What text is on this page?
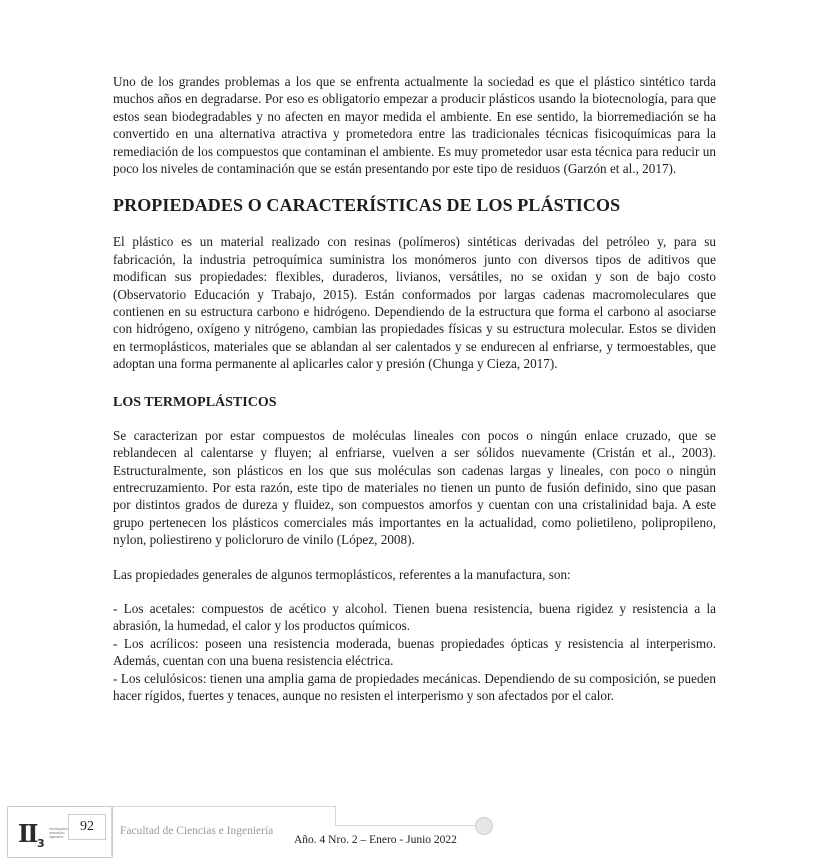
Uno de los grandes problemas a los que se enfrenta actualmente la sociedad es que el plástico sintético tarda muchos años en degradarse. Por eso es obligatorio empezar a producir plásticos usando la biotecnología, para que estos sean biodegradables y no afecten en mayor medida el ambiente. En ese sentido, la biorremediación se ha convertido en una alternativa atractiva y prometedora entre las tradicionales técnicas fisicoquímicas para la remediación de los compuestos que contaminan el ambiente. Es muy prometedor usar esta técnica para reducir un poco los niveles de contaminación que se están presentando por este tipo de residuos (Garzón et al., 2017).

PROPIEDADES O CARACTERÍSTICAS DE LOS PLÁSTICOS

El plástico es un material realizado con resinas (polímeros) sintéticas derivadas del petróleo y, para su fabricación, la industria petroquímica suministra los monómeros junto con diversos tipos de aditivos que modifican sus propiedades: flexibles, duraderos, livianos, versátiles, no se oxidan y son de bajo costo (Observatorio Educación y Trabajo, 2015). Están conformados por largas cadenas macromoleculares que contienen en su estructura carbono e hidrógeno. Dependiendo de la estructura que forma el carbono al asociarse con hidrógeno, oxígeno y nitrógeno, cambian las propiedades físicas y su estructura molecular. Estos se dividen en termoplásticos, materiales que se ablandan al ser calentados y se endurecen al enfriarse, y termoestables, que adoptan una forma permanente al aplicarles calor y presión (Chunga y Cieza, 2017).

LOS TERMOPLÁSTICOS

Se caracterizan por estar compuestos de moléculas lineales con pocos o ningún enlace cruzado, que se reblandecen al calentarse y fluyen; al enfriarse, vuelven a ser sólidos nuevamente (Cristán et al., 2003). Estructuralmente, son plásticos en los que sus moléculas son cadenas largas y lineales, con poco o ningún entrecruzamiento. Por esta razón, este tipo de materiales no tienen un punto de fusión definido, sino que pasan por distintos grados de dureza y fluidez, son compuestos amorfos y cuentan con una cristalinidad baja. A este grupo pertenecen los plásticos comerciales más importantes en la actualidad, como polietileno, polipropileno, nylon, poliestireno y policloruro de vinilo (López, 2008).

Las propiedades generales de algunos termoplásticos, referentes a la manufactura, son:

- Los acetales: compuestos de acético y alcohol. Tienen buena resistencia, buena rigidez y resistencia a la abrasión, la humedad, el calor y los productos químicos.

- Los acrílicos: poseen una resistencia moderada, buenas propiedades ópticas y resistencia al interperismo. Además, cuentan con una buena resistencia eléctrica.

- Los celulósicos: tienen una amplia gama de propiedades mecánicas. Dependiendo de su composición, se pueden hacer rígidos, fuertes y tenaces, aunque no resisten el interperismo y son afectados por el calor.

II 3
Investigación Innovación Ingeniería
92	Facultad de Ciencias e Ingeniería
Año. 4 Nro. 2 – Enero - Junio 2022
